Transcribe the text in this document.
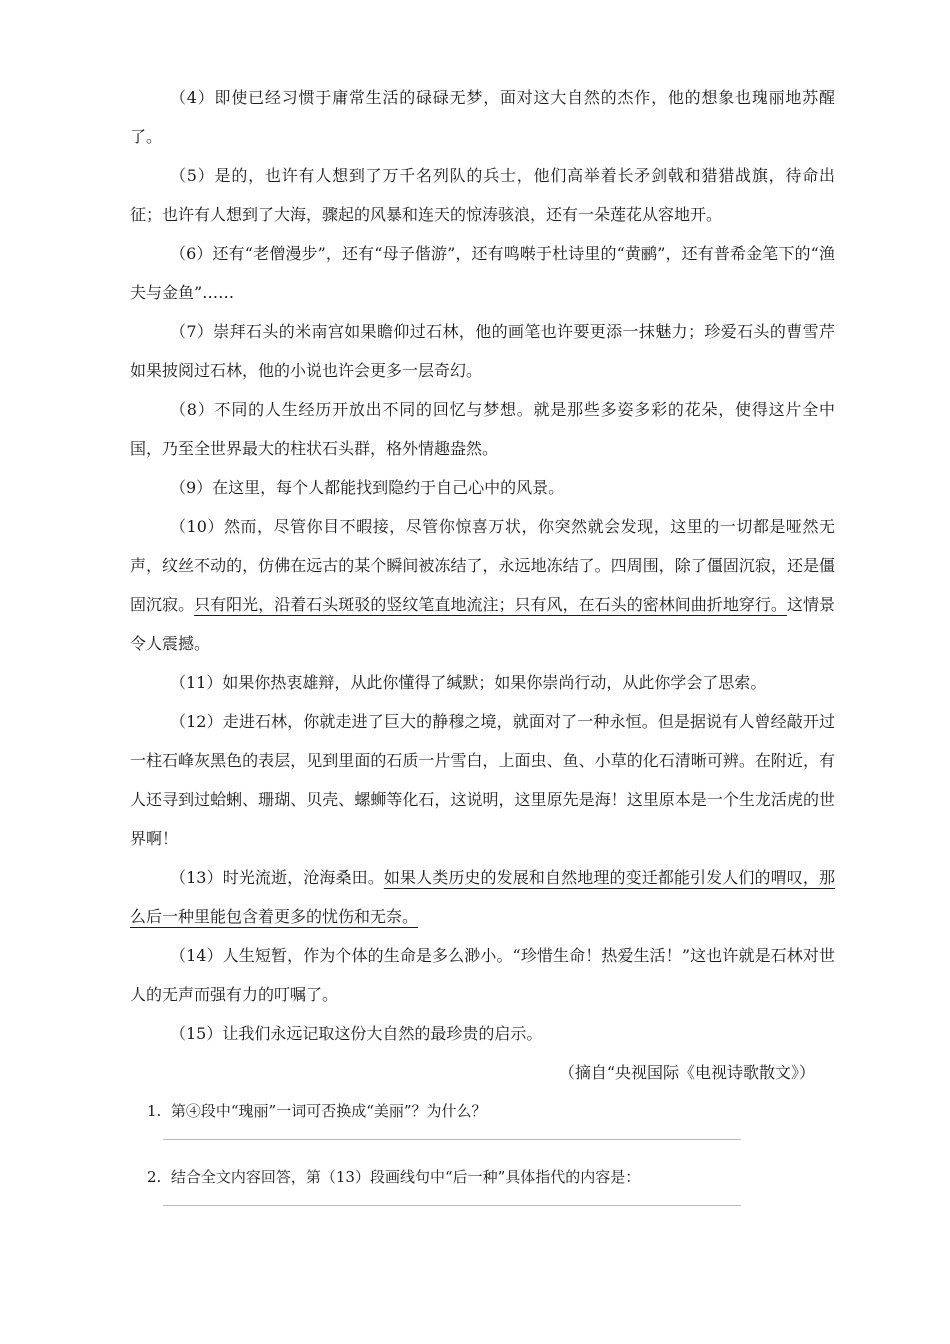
（4）即使已经习惯于庸常生活的碌碌无梦，面对这大自然的杰作，他的想象也瑰丽地苏醒了。

（5）是的，也许有人想到了万千名列队的兵士，他们高举着长矛剑戟和猎猎战旗，待命出征；也许有人想到了大海，骤起的风暴和连天的惊涛骇浪，还有一朵莲花从容地开。

（6）还有“老僧漫步”，还有“母子偕游”，还有鸣啭于杜诗里的“黄鹂”，还有普希金笔下的“渔夫与金鱼”……

（7）崇拜石头的米南宫如果瞻仰过石林，他的画笔也许要更添一抹魅力；珍爱石头的曹雪芹如果披阅过石林，他的小说也许会更多一层奇幻。

（8）不同的人生经历开放出不同的回忆与梦想。就是那些多姿多彩的花朵，使得这片全中国，乃至全世界最大的柱状石头群，格外情趣盎然。

（9）在这里，每个人都能找到隐约于自己心中的风景。

（10）然而，尽管你目不暇接，尽管你惊喜万状，你突然就会发现，这里的一切都是哑然无声，纹丝不动的，仿佛在远古的某个瞬间被冻结了，永远地冻结了。四周围，除了僵固沉寂，还是僵固沉寂。只有阳光，沿着石头斑驳的竖纹笔直地流注；只有风，在石头的密林间曲折地穿行。这情景令人震撼。

（11）如果你热衷雄辩，从此你懂得了缄默；如果你崇尚行动，从此你学会了思索。

（12）走进石林，你就走进了巨大的静穆之境，就面对了一种永恒。但是据说有人曾经敲开过一柱石峰灰黑色的表层，见到里面的石质一片雪白，上面虫、鱼、小草的化石清晰可辨。在附近，有人还寻到过蛤蜊、珊瑚、贝壳、螺蛳等化石，这说明，这里原先是海！这里原本是一个生龙活虎的世界啊！

（13）时光流逝，沧海桑田。如果人类历史的发展和自然地理的变迁都能引发人们的喟叹，那么后一种里能包含着更多的忧伤和无奈。

（14）人生短暂，作为个体的生命是多么渺小。“珍惜生命！热爱生活！”这也许就是石林对世人的无声而强有力的叮嘱了。

（15）让我们永远记取这份大自然的最珍贵的启示。

（摘自“央视国际《电视诗歌散文》）

1. 第④段中“瑰丽”一词可否换成“美丽”？为什么？

2. 结合全文内容回答，第（13）段画线句中“后一种”具体指代的内容是：
